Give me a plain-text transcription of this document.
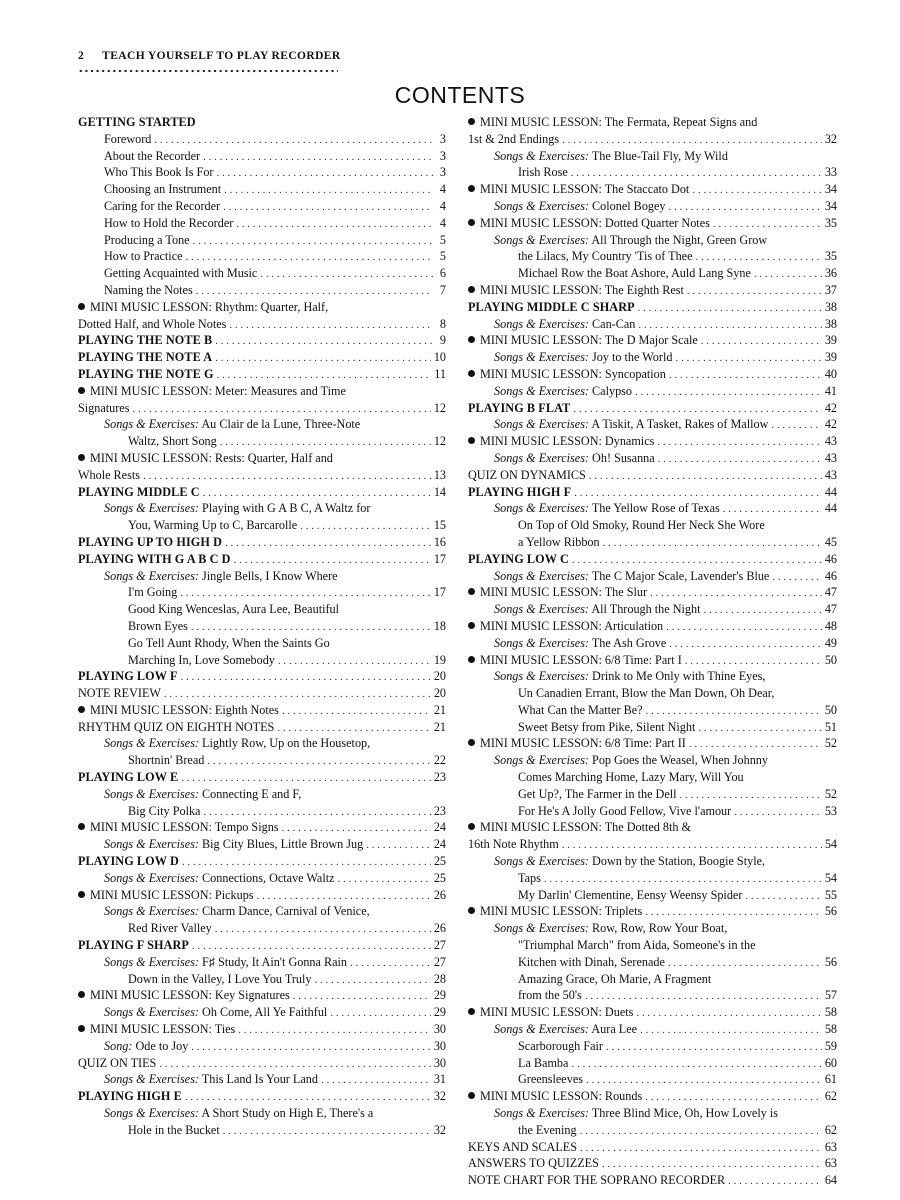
2 TEACH YOURSELF TO PLAY RECORDER
CONTENTS
GETTING STARTED
Foreword . . .	3
About the Recorder . . .	3
Who This Book Is For . . .	3
Choosing an Instrument . . .	4
Caring for the Recorder . . .	4
How to Hold the Recorder . . .	4
Producing a Tone . . .	5
How to Practice . . .	5
Getting Acquainted with Music . . .	6
Naming the Notes . . .	7
MINI MUSIC LESSON: Rhythm: Quarter, Half,
Dotted Half, and Whole Notes . . .	8
PLAYING THE NOTE B . . .	9
PLAYING THE NOTE A . . .	10
PLAYING THE NOTE G . . .	11
MINI MUSIC LESSON: Meter: Measures and Time
Signatures . . .	12
Songs & Exercises: Au Clair de la Lune, Three-Note
Waltz, Short Song . . .	12
MINI MUSIC LESSON: Rests: Quarter, Half and
Whole Rests . . .	13
PLAYING MIDDLE C . . .	14
Songs & Exercises: Playing with G A B C, A Waltz for
You, Warming Up to C, Barcarolle . . .	15
PLAYING UP TO HIGH D . . .	16
PLAYING WITH G A B C D . . .	17
Songs & Exercises: Jingle Bells, I Know Where
I'm Going . . .	17
Good King Wenceslas, Aura Lee, Beautiful
Brown Eyes . . .	18
Go Tell Aunt Rhody, When the Saints Go
Marching In, Love Somebody . . .	19
PLAYING LOW F . . .	20
NOTE REVIEW . . .	20
MINI MUSIC LESSON: Eighth Notes . . .	21
RHYTHM QUIZ ON EIGHTH NOTES . . .	21
Songs & Exercises: Lightly Row, Up on the Housetop,
Shortnin' Bread . . .	22
PLAYING LOW E . . .	23
Songs & Exercises: Connecting E and F,
Big City Polka . . .	23
MINI MUSIC LESSON: Tempo Signs . . .	24
Songs & Exercises: Big City Blues, Little Brown Jug . . .	24
PLAYING LOW D . . .	25
Songs & Exercises: Connections, Octave Waltz . . .	25
MINI MUSIC LESSON: Pickups . . .	26
Songs & Exercises: Charm Dance, Carnival of Venice,
Red River Valley . . .	26
PLAYING F SHARP . . .	27
Songs & Exercises: F♯ Study, It Ain't Gonna Rain . . .	27
Down in the Valley, I Love You Truly . . .	28
MINI MUSIC LESSON: Key Signatures . . .	29
Songs & Exercises: Oh Come, All Ye Faithful . . .	29
MINI MUSIC LESSON: Ties . . .	30
Song: Ode to Joy . . .	30
QUIZ ON TIES . . .	30
Songs & Exercises: This Land Is Your Land . . .	31
PLAYING HIGH E . . .	32
Songs & Exercises: A Short Study on High E, There's a
Hole in the Bucket . . .	32
MINI MUSIC LESSON: The Fermata, Repeat Signs and
1st & 2nd Endings . . .	32
Songs & Exercises: The Blue-Tail Fly, My Wild
Irish Rose . . .	33
MINI MUSIC LESSON: The Staccato Dot . . .	34
Songs & Exercises: Colonel Bogey . . .	34
MINI MUSIC LESSON: Dotted Quarter Notes . . .	35
Songs & Exercises: All Through the Night, Green Grow
the Lilacs, My Country 'Tis of Thee . . .	35
Michael Row the Boat Ashore, Auld Lang Syne . . .	36
MINI MUSIC LESSON: The Eighth Rest . . .	37
PLAYING MIDDLE C SHARP . . .	38
Songs & Exercises: Can-Can . . .	38
MINI MUSIC LESSON: The D Major Scale . . .	39
Songs & Exercises: Joy to the World . . .	39
MINI MUSIC LESSON: Syncopation . . .	40
Songs & Exercises: Calypso . . .	41
PLAYING B FLAT . . .	42
Songs & Exercises: A Tiskit, A Tasket, Rakes of Mallow . . .	42
MINI MUSIC LESSON: Dynamics . . .	43
Songs & Exercises: Oh! Susanna . . .	43
QUIZ ON DYNAMICS . . .	43
PLAYING HIGH F . . .	44
Songs & Exercises: The Yellow Rose of Texas . . .	44
On Top of Old Smoky, Round Her Neck She Wore
a Yellow Ribbon . . .	45
PLAYING LOW C . . .	46
Songs & Exercises: The C Major Scale, Lavender's Blue . . .	46
MINI MUSIC LESSON: The Slur . . .	47
Songs & Exercises: All Through the Night . . .	47
MINI MUSIC LESSON: Articulation . . .	48
Songs & Exercises: The Ash Grove . . .	49
MINI MUSIC LESSON: 6/8 Time: Part I . . .	50
Songs & Exercises: Drink to Me Only with Thine Eyes,
Un Canadien Errant, Blow the Man Down, Oh Dear,
What Can the Matter Be? . . .	50
Sweet Betsy from Pike, Silent Night . . .	51
MINI MUSIC LESSON: 6/8 Time: Part II . . .	52
Songs & Exercises: Pop Goes the Weasel, When Johnny
Comes Marching Home, Lazy Mary, Will You
Get Up?, The Farmer in the Dell . . .	52
For He's A Jolly Good Fellow, Vive l'amour . . .	53
MINI MUSIC LESSON: The Dotted 8th &
16th Note Rhythm . . .	54
Songs & Exercises: Down by the Station, Boogie Style,
Taps . . .	54
My Darlin' Clementine, Eensy Weensy Spider . . .	55
MINI MUSIC LESSON: Triplets . . .	56
Songs & Exercises: Row, Row, Row Your Boat,
"Triumphal March" from Aida, Someone's in the
Kitchen with Dinah, Serenade . . .	56
Amazing Grace, Oh Marie, A Fragment
from the 50's . . .	57
MINI MUSIC LESSON: Duets . . .	58
Songs & Exercises: Aura Lee . . .	58
Scarborough Fair . . .	59
La Bamba . . .	60
Greensleeves . . .	61
MINI MUSIC LESSON: Rounds . . .	62
Songs & Exercises: Three Blind Mice, Oh, How Lovely is
the Evening . . .	62
KEYS AND SCALES . . .	63
ANSWERS TO QUIZZES . . .	63
NOTE CHART FOR THE SOPRANO RECORDER . . .	64
